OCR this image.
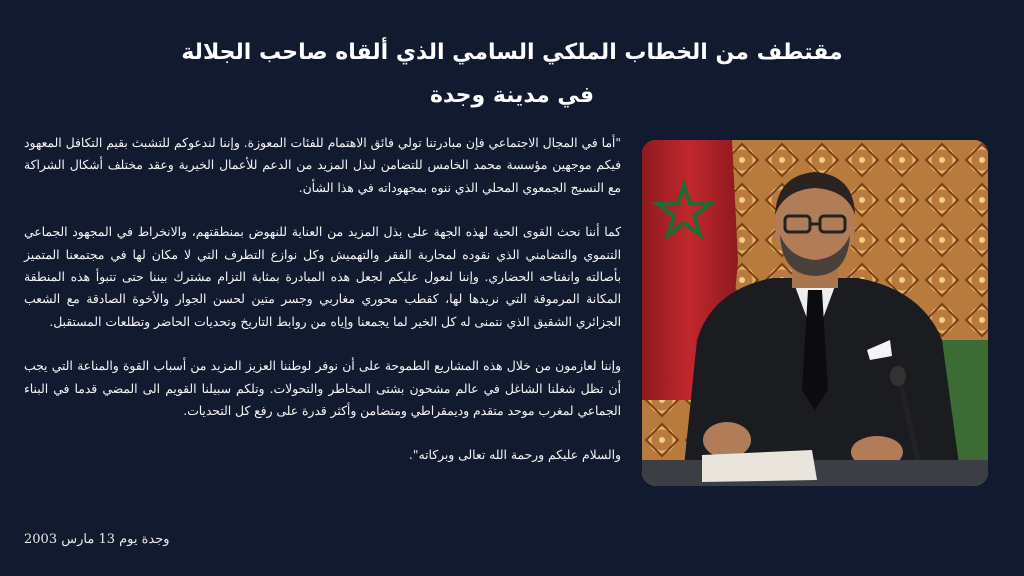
مقتطف من الخطاب الملكي السامي الذي ألقاه صاحب الجلالة
في مدينة وجدة

"أما في المجال الاجتماعي فإن مبادرتنا تولي فائق الاهتمام للفئات المعوزة. وإننا لندعوكم للتشبث بقيم التكافل المعهود فيكم موجهين مؤسسة محمد الخامس للتضامن لبذل المزيد من الدعم للأعمال الخيرية وعقد مختلف أشكال الشراكة مع النسيج الجمعوي المحلي الذي ننوه بمجهوداته في هذا الشأن.

كما أننا نحث القوى الحية لهذه الجهة على بذل المزيد من العناية للنهوض بمنطقتهم، والانخراط في المجهود الجماعي التنموي والتضامني الذي نقوده لمحاربة الفقر والتهميش وكل نوازع التطرف التي لا مكان لها في مجتمعنا المتميز بأصالته وانفتاحه الحضاري. وإننا لنعول عليكم لجعل هذه المبادرة بمثابة التزام مشترك بيننا حتى تتبوأ هذه المنطقة المكانة المرموقة التي نريدها لها، كقطب محوري مغاربي وجسر متين لحسن الجوار والأخوة الصادقة مع الشعب الجزائري الشقيق الذي نتمنى له كل الخير لما يجمعنا وإياه من روابط التاريخ وتحديات الحاضر وتطلعات المستقبل.

وإننا لعازمون من خلال هذه المشاريع الطموحة على أن نوفر لوطننا العزيز المزيد من أسباب القوة والمناعة التي يجب أن تظل شغلنا الشاغل في عالم مشحون بشتى المخاطر والتحولات. وتلكم سبيلنا القويم الى المضي قدما في البناء الجماعي لمغرب موحد متقدم وديمقراطي ومتضامن وأكثر قدرة على رفع كل التحديات.

والسلام عليكم ورحمة الله تعالى وبركاته".

وجدة يوم 13 مارس 2003
